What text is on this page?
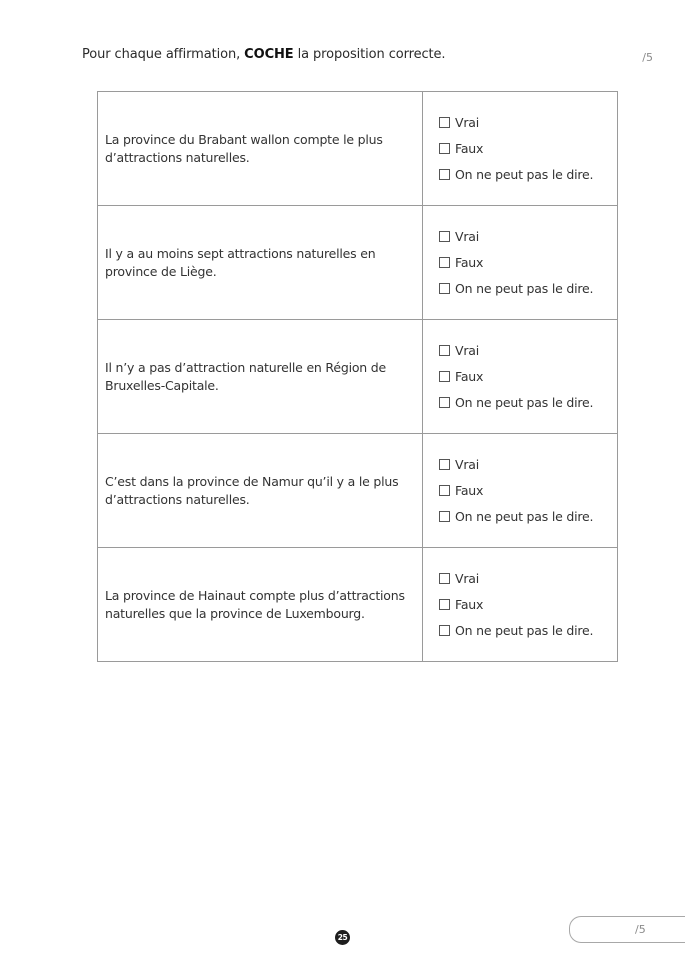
Pour chaque affirmation, COCHE la proposition correcte.	/5
La province du Brabant wallon compte le plus d’attractions naturelles.	Vrai
Faux
On ne peut pas le dire.

Il y a au moins sept attractions naturelles en province de Liège.	Vrai
Faux
On ne peut pas le dire.

Il n’y a pas d’attraction naturelle en Région de Bruxelles-Capitale.	Vrai
Faux
On ne peut pas le dire.

C’est dans la province de Namur qu’il y a le plus d’attractions naturelles.	Vrai
Faux
On ne peut pas le dire.

La province de Hainaut compte plus d’attractions naturelles que la province de Luxembourg.	Vrai
Faux
On ne peut pas le dire.
25
/5
